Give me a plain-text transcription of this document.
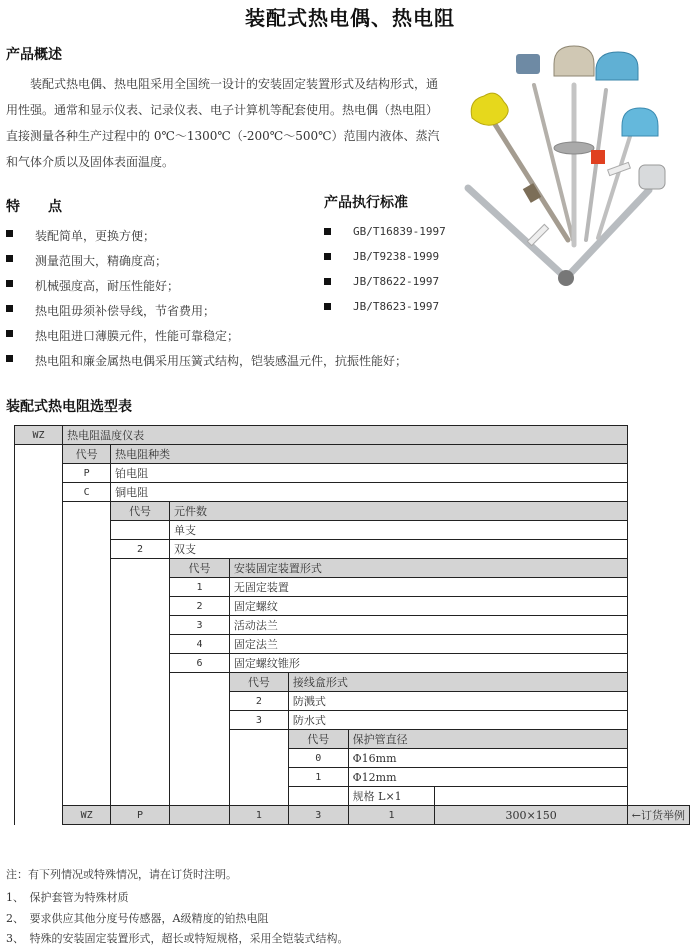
装配式热电偶、热电阻
产品概述
装配式热电偶、热电阻采用全国统一设计的安装固定装置形式及结构形式，通用性强。通常和显示仪表、记录仪表、电子计算机等配套使用。热电偶（热电阻）直接测量各种生产过程中的 0℃～1300℃（-200℃～500℃）范围内液体、蒸汽和气体介质以及固体表面温度。
特　　点
装配简单，更换方便；
测量范围大，精确度高；
机械强度高，耐压性能好；
热电阻毋须补偿导线，节省费用；
热电阻进口薄膜元件，性能可靠稳定；
热电阻和廉金属热电偶采用压簧式结构，铠装感温元件，抗振性能好；
产品执行标准
GB/T16839-1997
JB/T9238-1999
JB/T8622-1997
JB/T8623-1997
装配式热电阻选型表
WZ	热电阻温度仪表							
	代号	热电阻种类						
	P	铂电阻						
	C	铜电阻						
		代号	元件数					
			单支					
		2	双支					
			代号	安装固定装置形式				
			1	无固定装置				
			2	固定螺纹				
			3	活动法兰				
			4	固定法兰				
			6	固定螺纹锥形				
				代号	接线盒形式			
				2	防溅式			
				3	防水式			
					代号	保护管直径		
					0	Φ16mm		
					1	Φ12mm		
						规格 L×1		
	WZ	P		1	3	1	300×150	←订货举例
注：有下列情况或特殊情况，请在订货时注明。
1、　保护套管为特殊材质
2、　要求供应其他分度号传感器，A级精度的铂热电阻
3、　特殊的安装固定装置形式，超长或特短规格，采用全铠装式结构。
